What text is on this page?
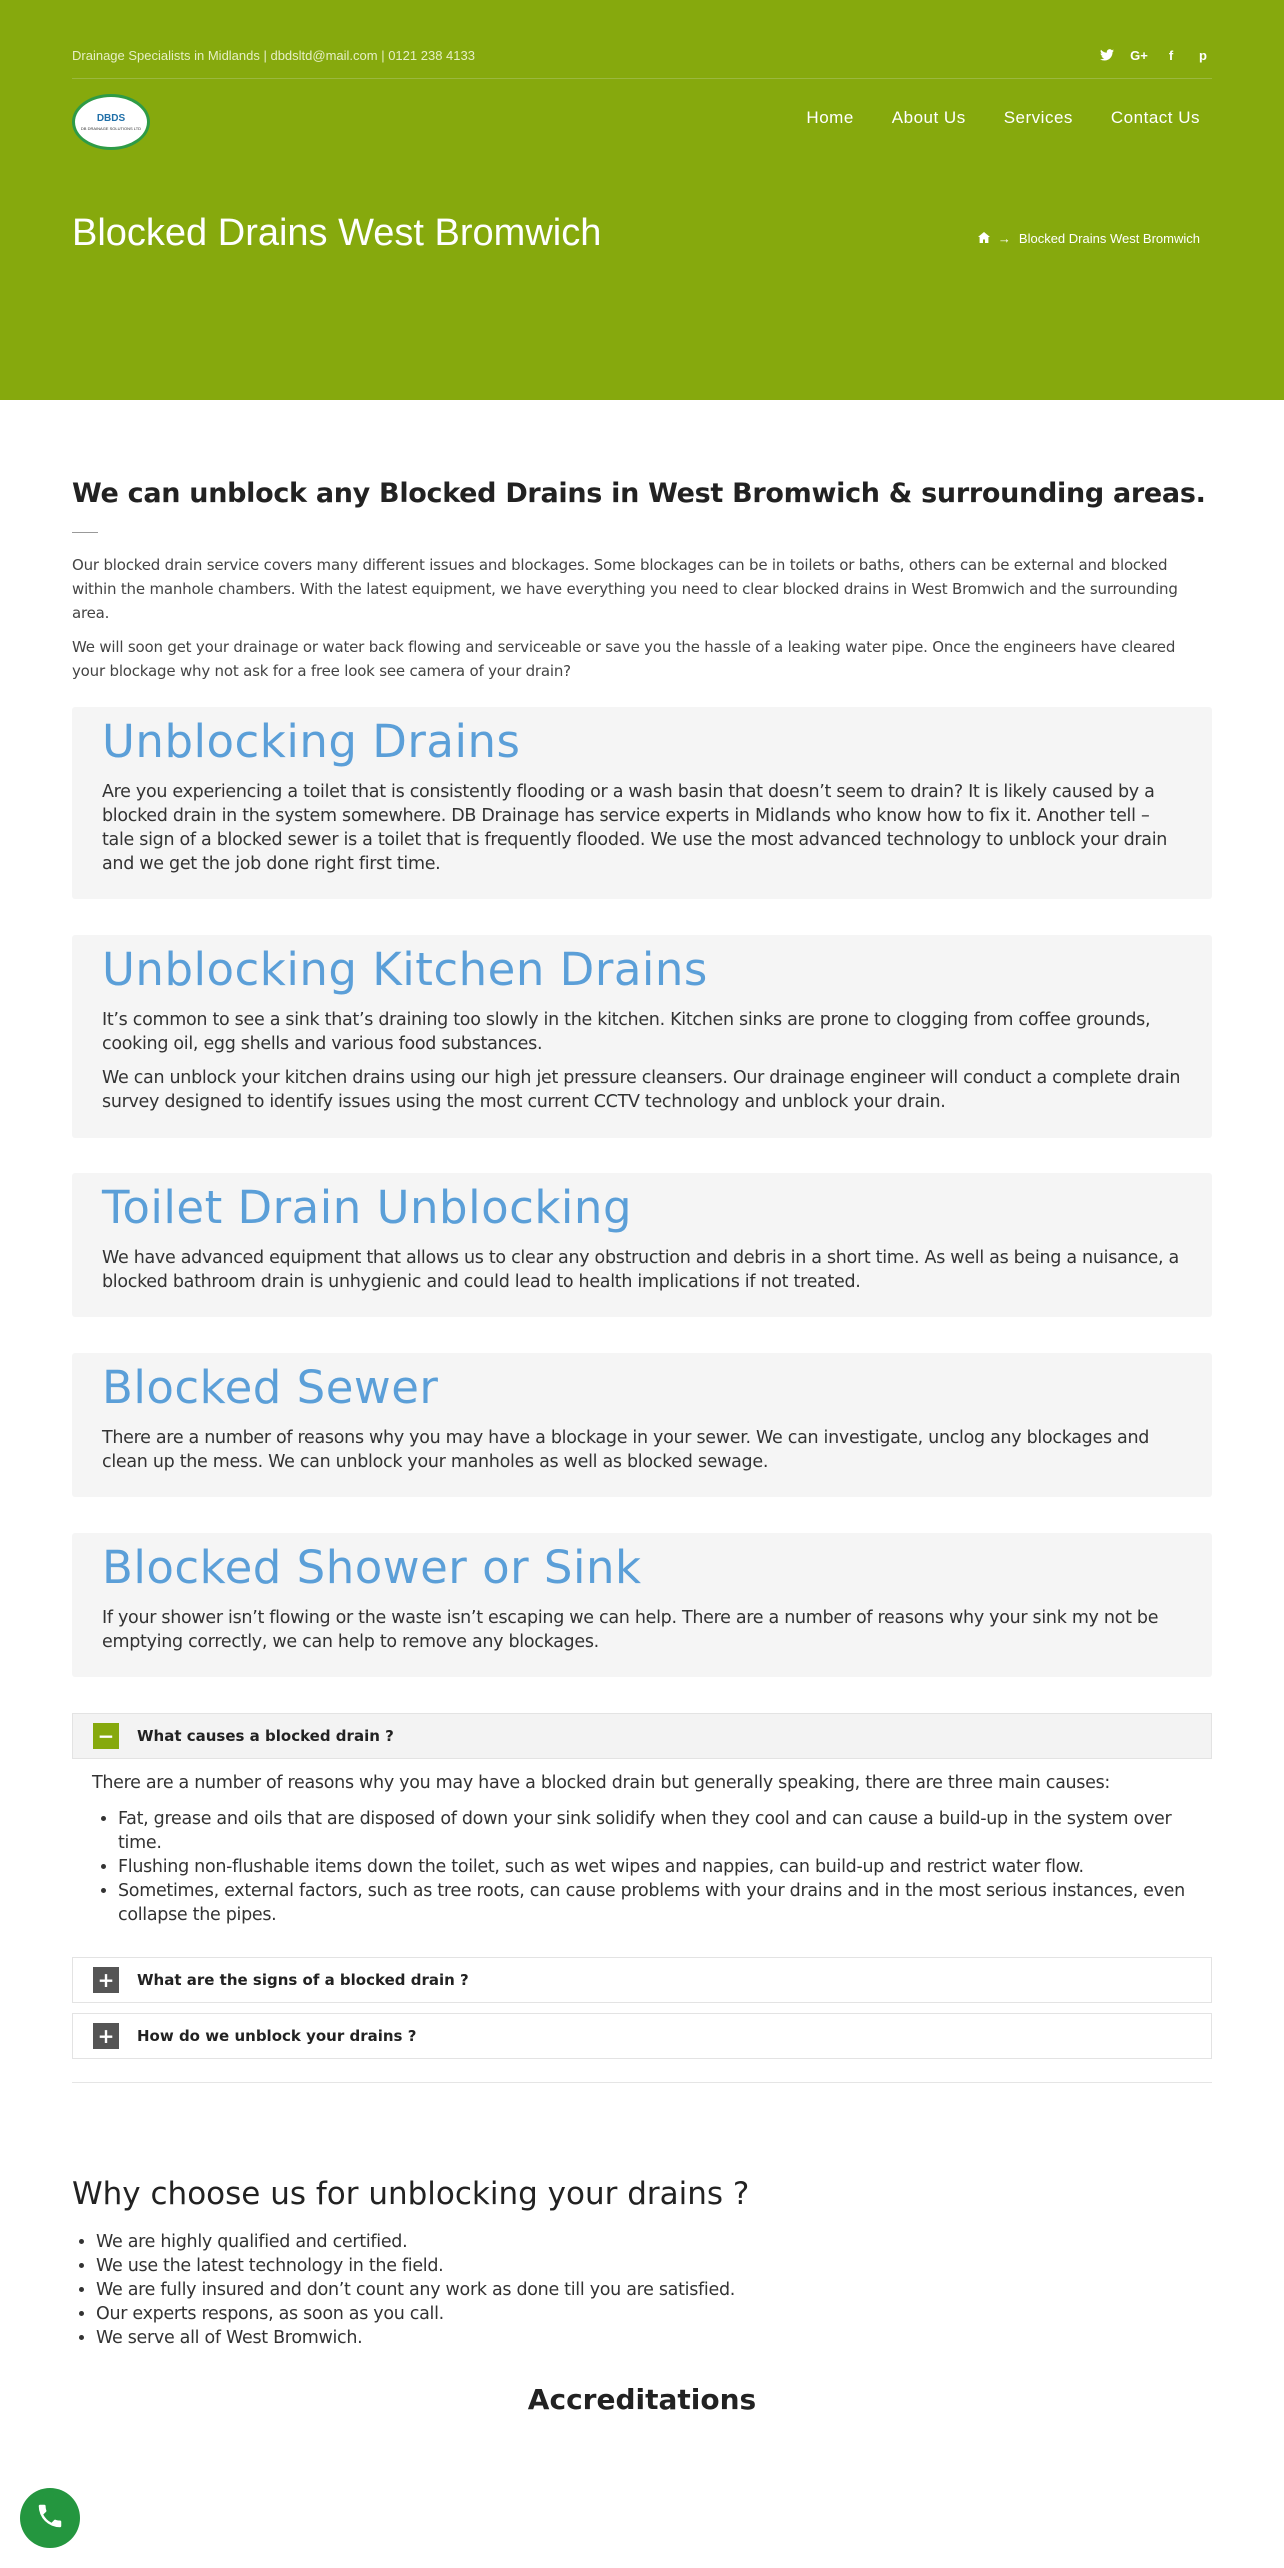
Drainage Specialists in Midlands | dbdsltd@mail.com | 0121 238 4133	G+	f	p
DBDS
DB DRAINAGE SOLUTIONS LTD
Home About Us Services Contact Us
Blocked Drains West Bromwich	→ Blocked Drains West Bromwich
We can unblock any Blocked Drains in West Bromwich & surrounding areas.

Our blocked drain service covers many different issues and blockages. Some blockages can be in toilets or baths, others can be external and blocked within the manhole chambers. With the latest equipment, we have everything you need to clear blocked drains in West Bromwich and the surrounding area.

We will soon get your drainage or water back flowing and serviceable or save you the hassle of a leaking water pipe. Once the engineers have cleared your blockage why not ask for a free look see camera of your drain?

Unblocking Drains

Are you experiencing a toilet that is consistently flooding or a wash basin that doesn’t seem to drain? It is likely caused by a blocked drain in the system somewhere. DB Drainage has service experts in Midlands who know how to fix it. Another tell – tale sign of a blocked sewer is a toilet that is frequently flooded. We use the most advanced technology to unblock your drain and we get the job done right first time.

Unblocking Kitchen Drains

It’s common to see a sink that’s draining too slowly in the kitchen. Kitchen sinks are prone to clogging from coffee grounds, cooking oil, egg shells and various food substances.

We can unblock your kitchen drains using our high jet pressure cleansers. Our drainage engineer will conduct a complete drain survey designed to identify issues using the most current CCTV technology and unblock your drain.

Toilet Drain Unblocking

We have advanced equipment that allows us to clear any obstruction and debris in a short time. As well as being a nuisance, a blocked bathroom drain is unhygienic and could lead to health implications if not treated.

Blocked Sewer

There are a number of reasons why you may have a blockage in your sewer. We can investigate, unclog any blockages and clean up the mess. We can unblock your manholes as well as blocked sewage.

Blocked Shower or Sink

If your shower isn’t flowing or the waste isn’t escaping we can help. There are a number of reasons why your sink my not be emptying correctly, we can help to remove any blockages.

−	What causes a blocked drain ?

There are a number of reasons why you may have a blocked drain but generally speaking, there are three main causes:

• Fat, grease and oils that are disposed of down your sink solidify when they cool and can cause a build-up in the system over time.
• Flushing non-flushable items down the toilet, such as wet wipes and nappies, can build-up and restrict water flow.
• Sometimes, external factors, such as tree roots, can cause problems with your drains and in the most serious instances, even collapse the pipes.
+	What are the signs of a blocked drain ?
+	How do we unblock your drains ?
Why choose us for unblocking your drains ?
• We are highly qualified and certified.
• We use the latest technology in the field.
• We are fully insured and don’t count any work as done till you are satisfied.
• Our experts respons, as soon as you call.
• We serve all of West Bromwich.
Accreditations
